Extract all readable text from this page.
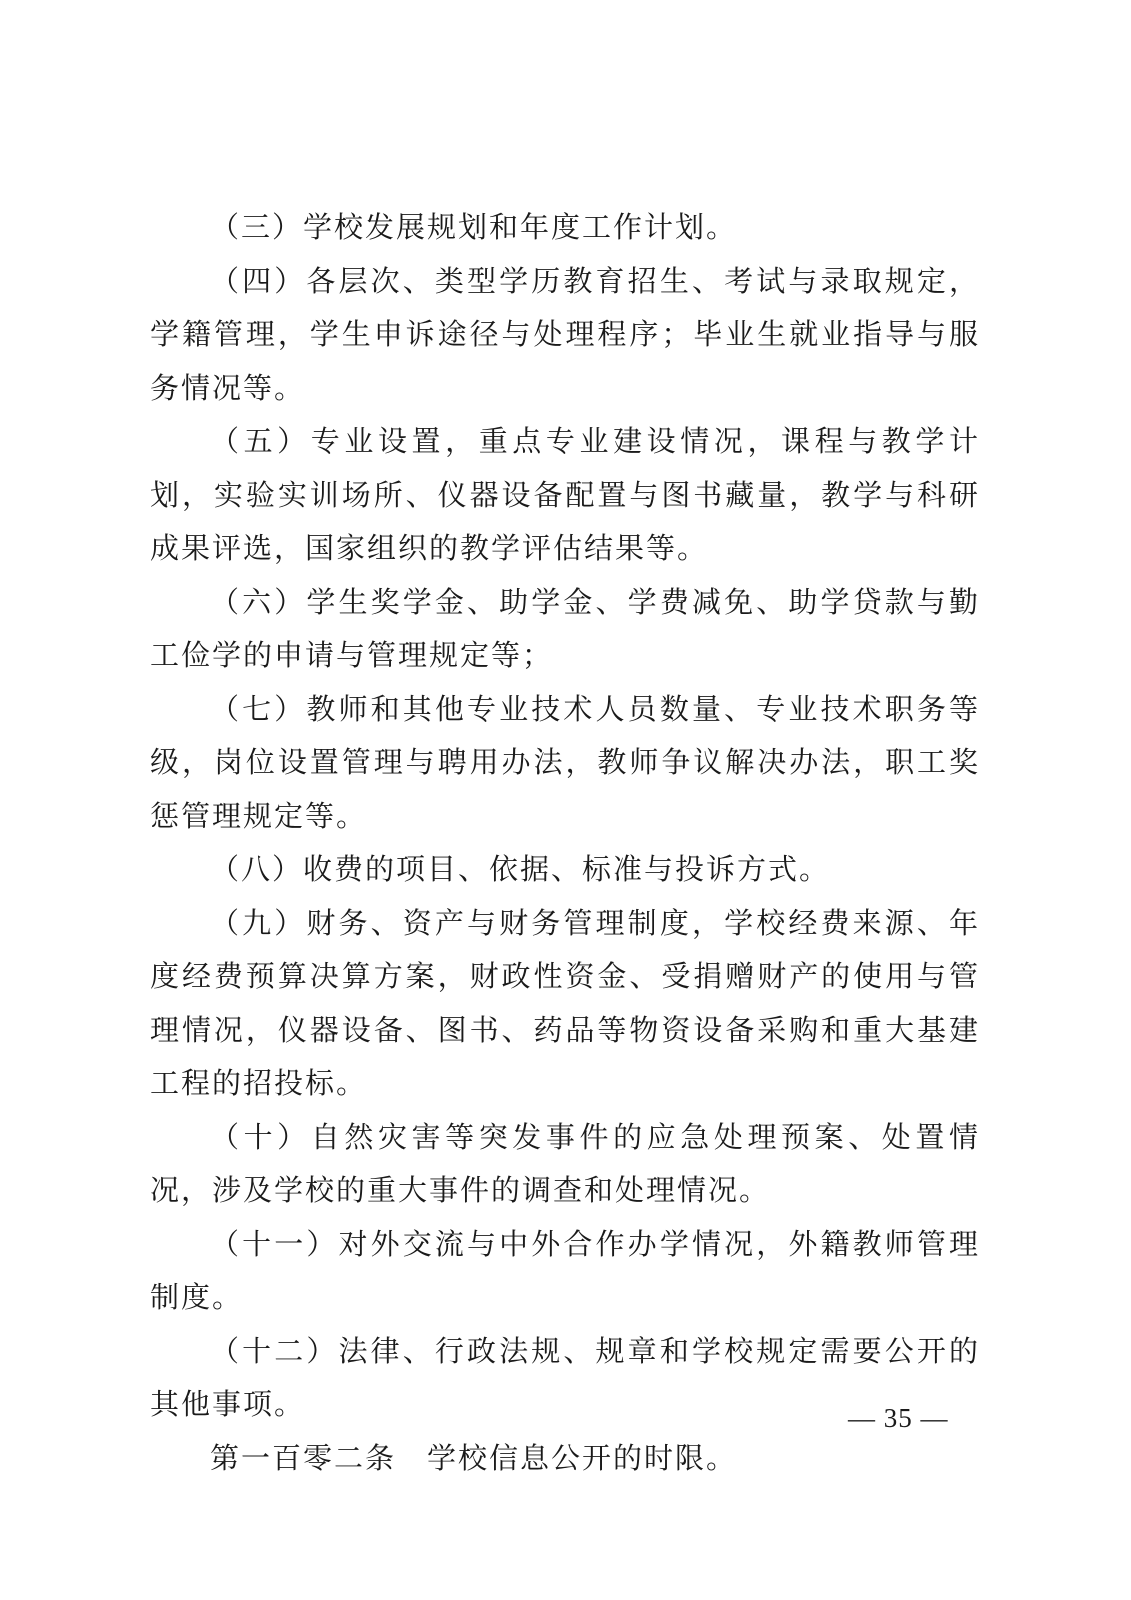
（三）学校发展规划和年度工作计划。

（四）各层次、类型学历教育招生、考试与录取规定，学籍管理，学生申诉途径与处理程序；毕业生就业指导与服务情况等。

（五）专业设置，重点专业建设情况，课程与教学计划，实验实训场所、仪器设备配置与图书藏量，教学与科研成果评选，国家组织的教学评估结果等。

（六）学生奖学金、助学金、学费减免、助学贷款与勤工俭学的申请与管理规定等；

（七）教师和其他专业技术人员数量、专业技术职务等级，岗位设置管理与聘用办法，教师争议解决办法，职工奖惩管理规定等。

（八）收费的项目、依据、标准与投诉方式。

（九）财务、资产与财务管理制度，学校经费来源、年度经费预算决算方案，财政性资金、受捐赠财产的使用与管理情况，仪器设备、图书、药品等物资设备采购和重大基建工程的招投标。

（十）自然灾害等突发事件的应急处理预案、处置情况，涉及学校的重大事件的调查和处理情况。

（十一）对外交流与中外合作办学情况，外籍教师管理制度。

（十二）法律、行政法规、规章和学校规定需要公开的其他事项。

第一百零二条　学校信息公开的时限。

— 35 —
